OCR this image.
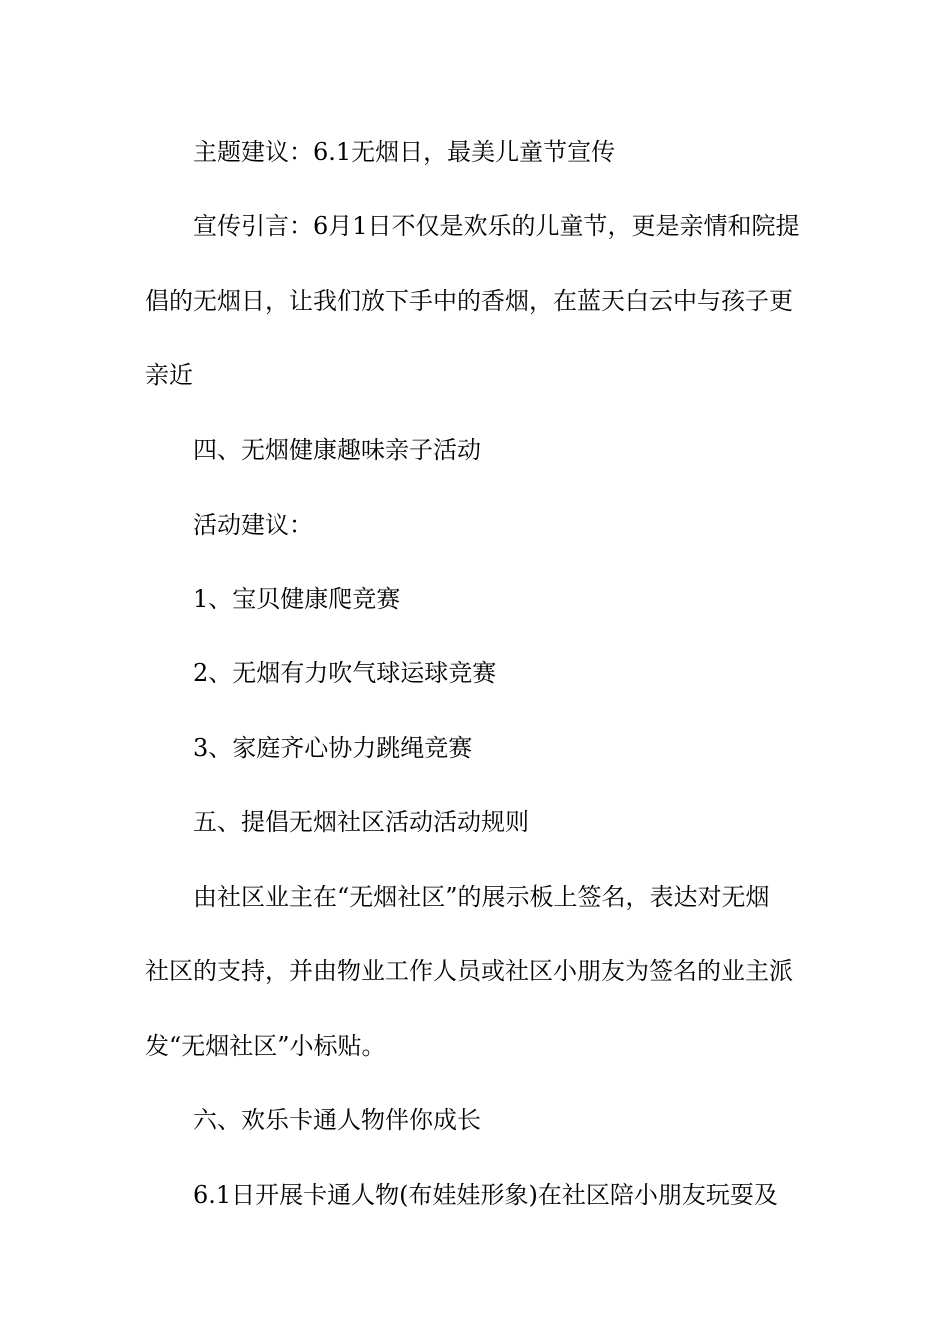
主题建议：6.1无烟日，最美儿童节宣传

宣传引言：6月1日不仅是欢乐的儿童节，更是亲情和院提

倡的无烟日，让我们放下手中的香烟，在蓝天白云中与孩子更

亲近

四、无烟健康趣味亲子活动

活动建议：

1、宝贝健康爬竞赛

2、无烟有力吹气球运球竞赛

3、家庭齐心协力跳绳竞赛

五、提倡无烟社区活动活动规则

由社区业主在“无烟社区”的展示板上签名，表达对无烟

社区的支持，并由物业工作人员或社区小朋友为签名的业主派

发“无烟社区”小标贴。

六、欢乐卡通人物伴你成长

6.1日开展卡通人物(布娃娃形象)在社区陪小朋友玩耍及
